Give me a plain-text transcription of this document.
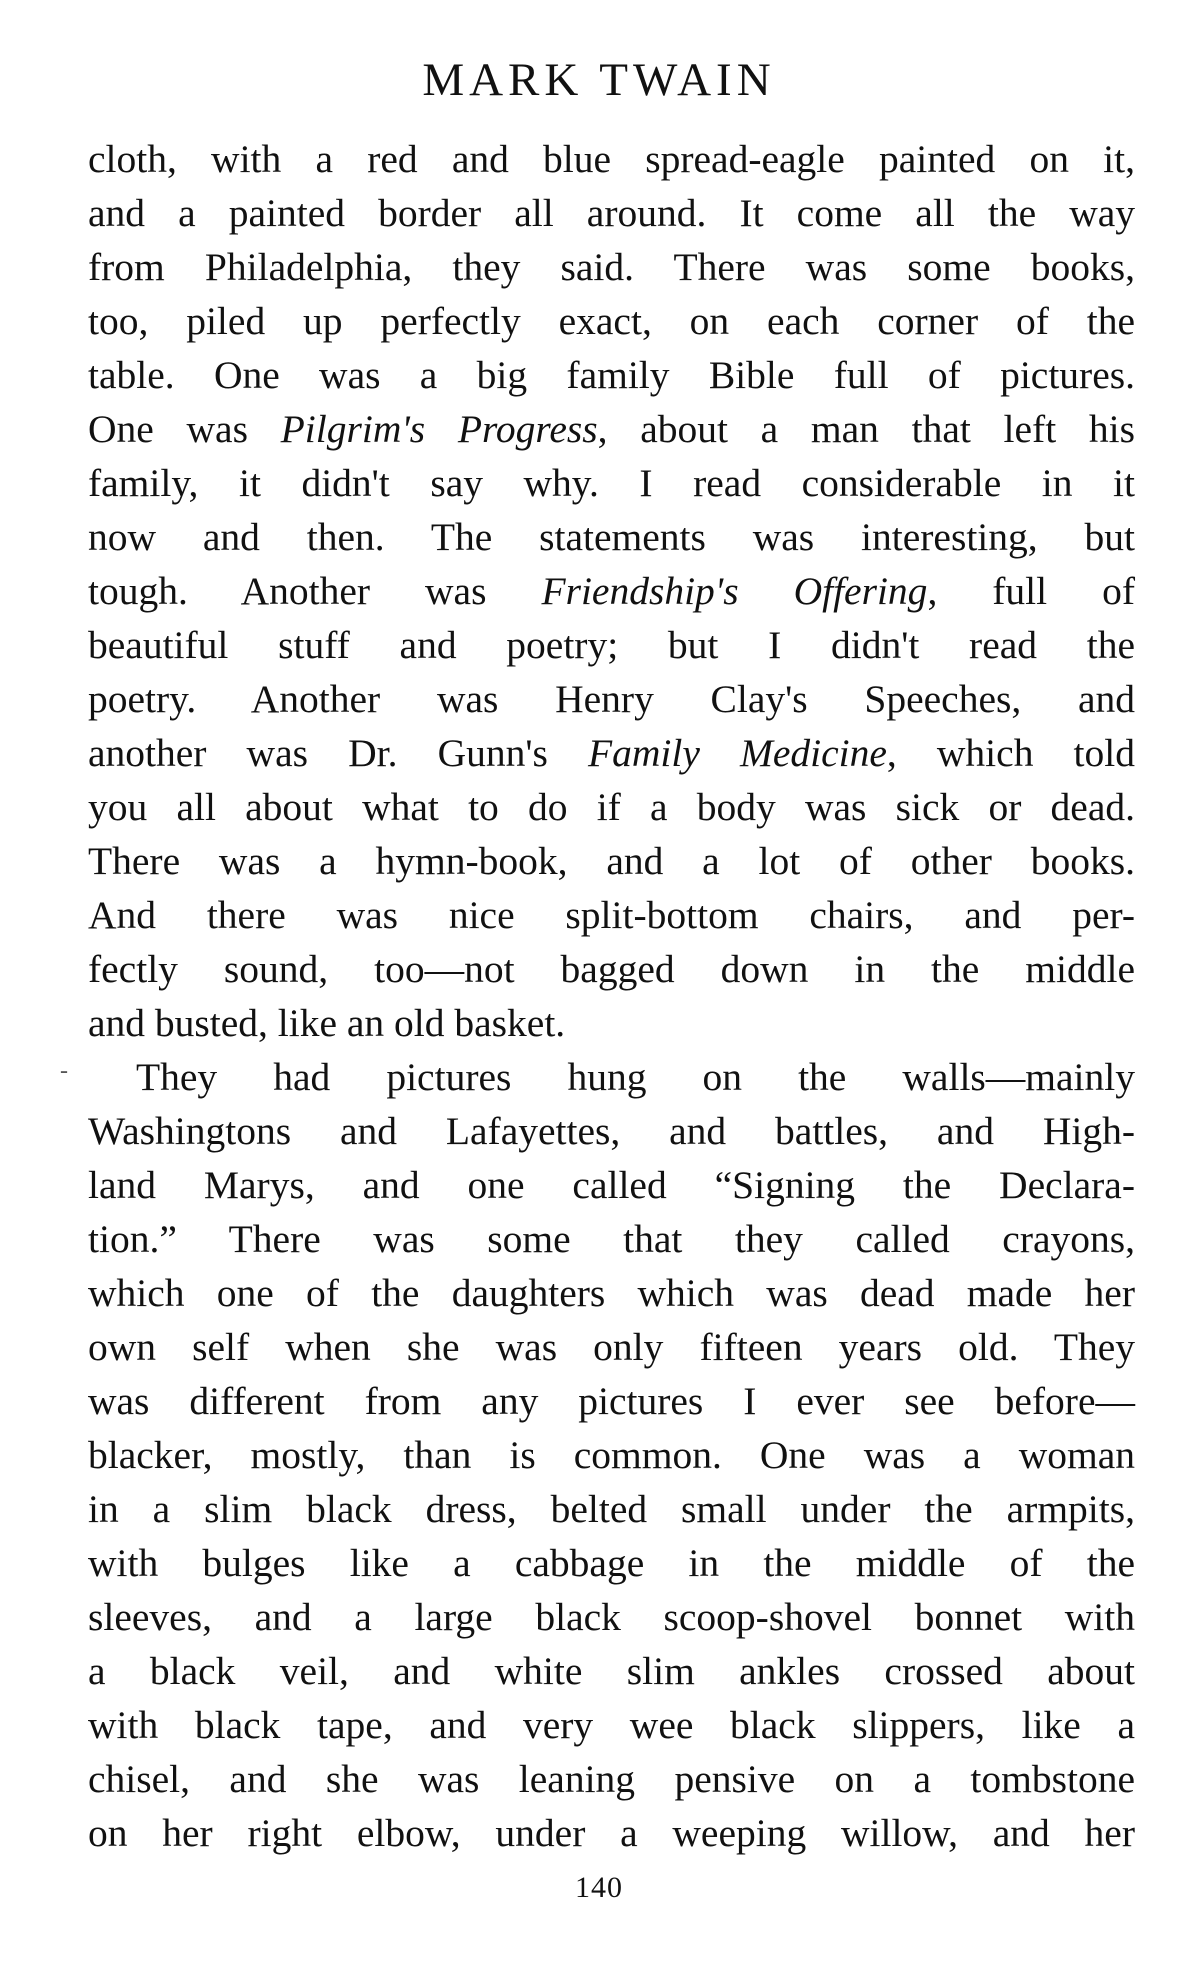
MARK TWAIN
-
cloth, with a red and blue spread-eagle painted on it,
and a painted border all around. It come all the way
from Philadelphia, they said. There was some books,
too, piled up perfectly exact, on each corner of the
table. One was a big family Bible full of pictures.
One was Pilgrim's Progress, about a man that left his
family, it didn't say why. I read considerable in it
now and then. The statements was interesting, but
tough. Another was Friendship's Offering, full of
beautiful stuff and poetry; but I didn't read the
poetry. Another was Henry Clay's Speeches, and
another was Dr. Gunn's Family Medicine, which told
you all about what to do if a body was sick or dead.
There was a hymn-book, and a lot of other books.
And there was nice split-bottom chairs, and per-
fectly sound, too—not bagged down in the middle
and busted, like an old basket.
They had pictures hung on the walls—mainly
Washingtons and Lafayettes, and battles, and High-
land Marys, and one called “Signing the Declara-
tion.” There was some that they called crayons,
which one of the daughters which was dead made her
own self when she was only fifteen years old. They
was different from any pictures I ever see before—
blacker, mostly, than is common. One was a woman
in a slim black dress, belted small under the armpits,
with bulges like a cabbage in the middle of the
sleeves, and a large black scoop-shovel bonnet with
a black veil, and white slim ankles crossed about
with black tape, and very wee black slippers, like a
chisel, and she was leaning pensive on a tombstone
on her right elbow, under a weeping willow, and her
140
